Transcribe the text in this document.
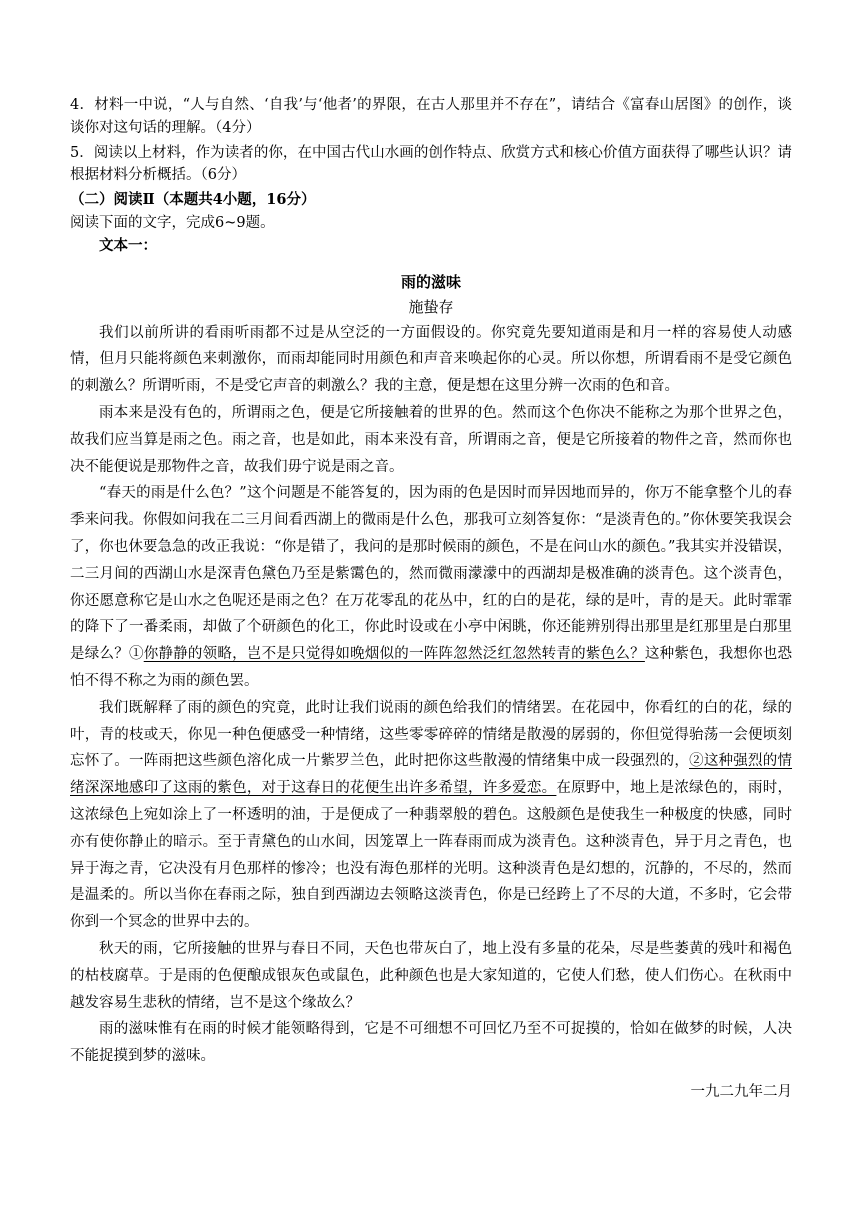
4．材料一中说，“人与自然、‘自我’与‘他者’的界限，在古人那里并不存在”，请结合《富春山居图》的创作，谈谈你对这句话的理解。（4分）

5．阅读以上材料，作为读者的你，在中国古代山水画的创作特点、欣赏方式和核心价值方面获得了哪些认识？请根据材料分析概括。（6分）

（二）阅读Ⅱ（本题共4小题，16分）
阅读下面的文字，完成6~9题。
文本一：
雨的滋味
施蛰存

我们以前所讲的看雨听雨都不过是从空泛的一方面假设的。你究竟先要知道雨是和月一样的容易使人动感情，但月只能将颜色来刺激你，而雨却能同时用颜色和声音来唤起你的心灵。所以你想，所谓看雨不是受它颜色的刺激么？所谓听雨，不是受它声音的刺激么？我的主意，便是想在这里分辨一次雨的色和音。

雨本来是没有色的，所谓雨之色，便是它所接触着的世界的色。然而这个色你决不能称之为那个世界之色，故我们应当算是雨之色。雨之音，也是如此，雨本来没有音，所谓雨之音，便是它所接着的物件之音，然而你也决不能便说是那物件之音，故我们毋宁说是雨之音。

“春天的雨是什么色？”这个问题是不能答复的，因为雨的色是因时而异因地而异的，你万不能拿整个儿的春季来问我。你假如问我在二三月间看西湖上的微雨是什么色，那我可立刻答复你：“是淡青色的。”你休要笑我误会了，你也休要急急的改正我说：“你是错了，我问的是那时候雨的颜色，不是在问山水的颜色。”我其实并没错误，二三月间的西湖山水是深青色黛色乃至是紫霭色的，然而微雨濛濛中的西湖却是极准确的淡青色。这个淡青色，你还愿意称它是山水之色呢还是雨之色？在万花零乱的花丛中，红的白的是花，绿的是叶，青的是天。此时霏霏的降下了一番柔雨，却做了个研颜色的化工，你此时设或在小亭中闲眺，你还能辨别得出那里是红那里是白那里是绿么？①你静静的领略，岂不是只觉得如晚烟似的一阵阵忽然泛红忽然转青的紫色么？这种紫色，我想你也恐怕不得不称之为雨的颜色罢。

我们既解释了雨的颜色的究竟，此时让我们说雨的颜色给我们的情绪罢。在花园中，你看红的白的花，绿的叶，青的枝或天，你见一种色便感受一种情绪，这些零零碎碎的情绪是散漫的孱弱的，你但觉得骀荡一会便顷刻忘怀了。一阵雨把这些颜色溶化成一片紫罗兰色，此时把你这些散漫的情绪集中成一段强烈的，②这种强烈的情绪深深地感印了这雨的紫色，对于这春日的花便生出许多希望，许多爱恋。在原野中，地上是浓绿色的，雨时，这浓绿色上宛如涂上了一杯透明的油，于是便成了一种翡翠般的碧色。这般颜色是使我生一种极度的快感，同时亦有使你静止的暗示。至于青黛色的山水间，因笼罩上一阵春雨而成为淡青色。这种淡青色，异于月之青色，也异于海之青，它决没有月色那样的惨冷；也没有海色那样的光明。这种淡青色是幻想的，沉静的，不尽的，然而是温柔的。所以当你在春雨之际，独自到西湖边去领略这淡青色，你是已经跨上了不尽的大道，不多时，它会带你到一个冥念的世界中去的。

秋天的雨，它所接触的世界与春日不同，天色也带灰白了，地上没有多量的花朵，尽是些萎黄的残叶和褐色的枯枝腐草。于是雨的色便酿成银灰色或鼠色，此种颜色也是大家知道的，它使人们愁，使人们伤心。在秋雨中越发容易生悲秋的情绪，岂不是这个缘故么？

雨的滋味惟有在雨的时候才能领略得到，它是不可细想不可回忆乃至不可捉摸的，恰如在做梦的时候，人决不能捉摸到梦的滋味。

一九二九年二月
